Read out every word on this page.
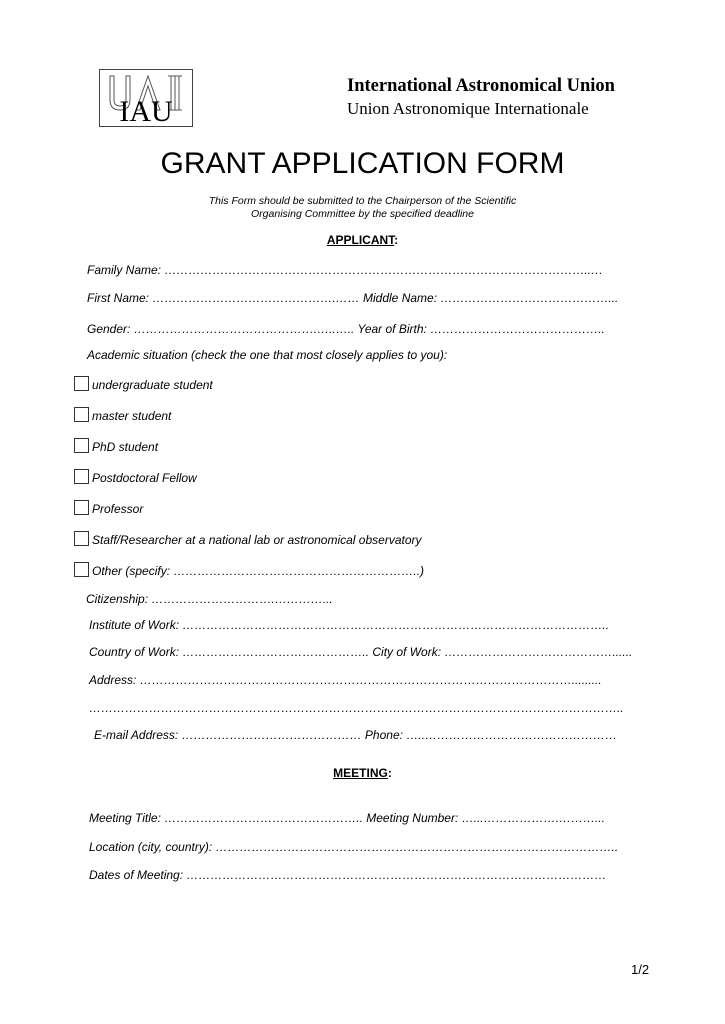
IAU
International Astronomical Union
Union Astronomique Internationale
GRANT APPLICATION FORM
This Form should be submitted to the Chairperson of the Scientific
Organising Committee by the specified deadline
APPLICANT:
Family Name: ……………………………………………………………………………………………..…
First Name: ……………………………………….…… Middle Name: ……………………………………...
Gender: ……………………………………….…..….. Year of Birth: ……………………………………..
Academic situation (check the one that most closely applies to you):
undergraduate student
master student
PhD student
Postdoctoral Fellow
Professor
Staff/Researcher at a national lab or astronomical observatory
Other (specify: ……………………………………………………..)
Citizenship: ………………………….…………...
Institute of Work: ……………………………………………………………………………………………..
Country of Work: ……………………………………….. City of Work: ……………………………………......
Address: ……………………………………………………………………………………………….........
……………………………………………………………………………………………………………………..
E-mail Address: ……………………………………… Phone: …..…………………………………………
MEETING:
Meeting Title: ………………………………………….. Meeting Number: …...……………….………...
Location (city, country): ………………………………………………………………………………………..
Dates of Meeting: ……………………………………………………………………………………………
1/2
